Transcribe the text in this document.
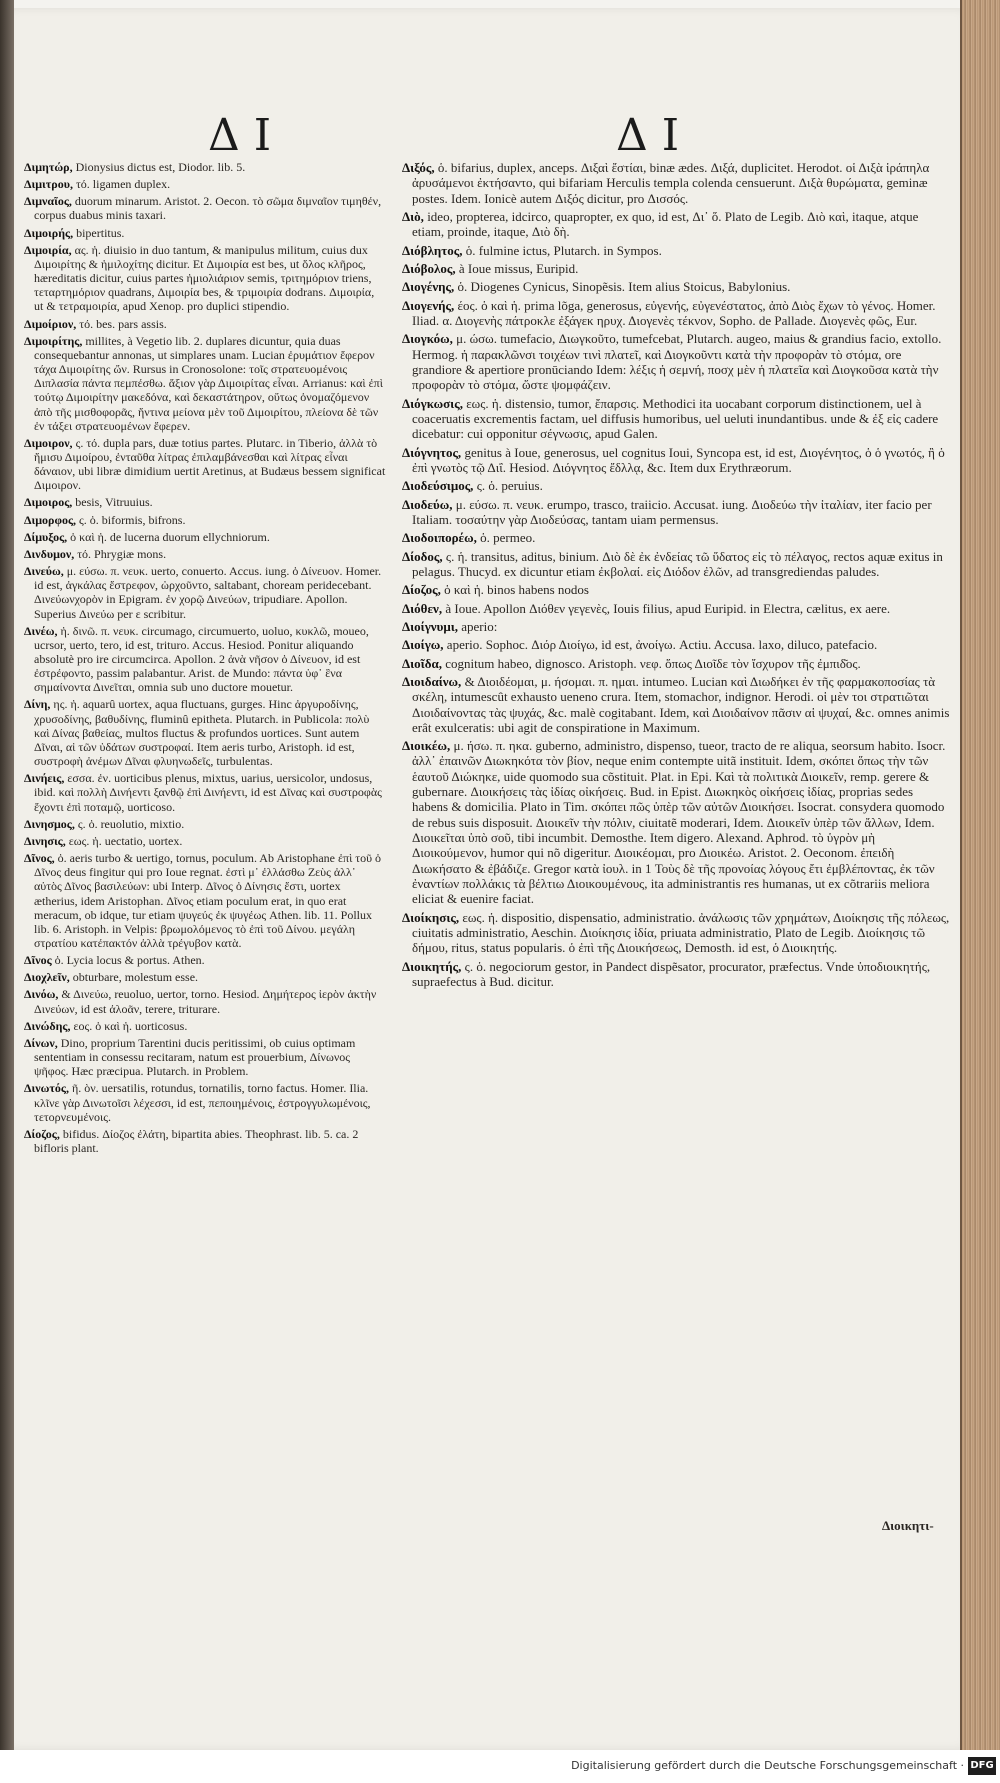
ΔΙ	ΔΙ

Διμητώρ, Dionysius dictus est, Diodor. lib. 5.

Διμιτρου, τό. ligamen duplex.

Διμναῖος, duorum minarum. Aristot. 2. Oecon. τὸ σῶμα διμναῖον τιμηθέν, corpus duabus minis taxari.

Διμοιρής, bipertitus.

Διμοιρία, ας. ἡ. diuisio in duo tantum, & manipulus militum, cuius dux Διμοιρίτης & ἡμιλοχίτης dicitur. Et Διμοιρία est bes, ut ὅλος κλῆρος, hæreditatis dicitur, cuius partes ἡμιολιάριον semis, τριτημόριον triens, τεταρτημόριον quadrans, Διμοιρία bes, & τριμοιρία dodrans. Διμοιρία, ut & τετραμοιρία, apud Xenop. pro duplici stipendio.

Διμοίριον, τό. bes. pars assis.

Διμοιρίτης, millites, à Vegetio lib. 2. duplares dicuntur, quia duas consequebantur annonas, ut simplares unam. Lucian ἐρυμάτιον ἔφερον τάχα Διμοιρίτης ὤν. Rursus in Cronosolone: τοῖς στρατευομένοις Διπλασία πάντα πεμπέσθω. ἄξιον γὰρ Διμοιρίτας εἶναι. Arrianus: καὶ ἐπὶ τούτῳ Διμοιρίτην μακεδόνα, καὶ δεκαστάτηρον, οὕτως ὀνομαζόμενον ἀπὸ τῆς μισθοφορᾶς, ἥντινα μείονα μὲν τοῦ Διμοιρίτου, πλείονα δὲ τῶν ἐν τάξει στρατευομένων ἔφερεν.

Διμοιρον, ς. τό. dupla pars, duæ totius partes. Plutarc. in Tiberio, ἀλλὰ τὸ ἥμισυ Διμοίρου, ἐνταῦθα λίτρας ἐπιλαμβάνεσθαι καὶ λίτρας εἶναι δάναιον, ubi libræ dimidium uertit Aretinus, at Budæus bessem significat Διμοιρον.

Διμοιρος, besis, Vitruuius.

Διμορφος, ς. ὁ. biformis, bifrons.

Δίμυξος, ὁ καὶ ἡ. de lucerna duorum ellychniorum.

Δινδυμον, τό. Phrygiæ mons.

Δινεύω, μ. εύσω. π. νευκ. uerto, conuerto. Accus. iung. ὁ Δίνευον. Homer. id est, ἀγκάλας ἔστρεφον, ὠρχοῦντο, saltabant, choream peridecebant. Δινεύωνχορὸν in Epigram. ἐν χορῷ Δινεύων, tripudiare. Apollon. Superius Δινεύω per ε scribitur.

Δινέω, ἡ. δινῶ. π. νευκ. circumago, circumuerto, uoluo, κυκλῶ, moueo, ucrsor, uerto, tero, id est, trituro. Accus. Hesiod. Ponitur aliquando absolutè pro ire circumcirca. Apollon. 2 ἀνὰ νῆσον ὁ Δίνευον, id est ἐστρέφοντο, passim palabantur. Arist. de Mundo: πάντα ὑφ᾽ ἓνα σημαίνοντα Δινεῖται, omnia sub uno ductore mouetur.

Δίνη, ης. ἡ. aquarû uortex, aqua fluctuans, gurges. Hinc ἀργυροδίνης, χρυσοδίνης, βαθυδίνης, fluminû epitheta. Plutarch. in Publicola: πολὺ καὶ Δίνας βαθείας, multos fluctus & profundos uortices. Sunt autem Δῖναι, αἱ τῶν ὑδάτων συστροφαί. Item aeris turbo, Aristoph. id est, συστροφὴ ἀνέμων Δῖναι φλυηνωδεῖς, turbulentas.

Δινήεις, εσσα. ἐν. uorticibus plenus, mixtus, uarius, uersicolor, undosus, ibid. καὶ πολλὴ Δινήεντι ξανθῷ ἐπὶ Δινήεντι, id est Δῖνας καὶ συστροφὰς ἔχοντι ἐπὶ ποταμῷ, uorticoso.

Δινησμος, ς. ὁ. reuolutio, mixtio.

Δινησις, εως. ἡ. uectatio, uortex.

Δῖνος, ὁ. aeris turbo & uertigo, tornus, poculum. Ab Aristophane ἐπὶ τοῦ ὁ Δῖνος deus fingitur qui pro Ioue regnat. ἐστὶ μ᾽ ἐλλάσθω Ζεὺς ἀλλ᾽ αὐτὸς Δῖνος βασιλεύων: ubi Interp. Δῖνος ὁ Δίνησις ἔστι, uortex ætherius, idem Aristophan. Δῖνος etiam poculum erat, in quo erat meracum, ob idque, tur etiam ψυγεύς ἐκ ψυγέως Athen. lib. 11. Pollux lib. 6. Aristoph. in Velpis: βρωμολόμενος τὸ ἐπὶ τοῦ Δίνου. μεγάλη στρατίου κατέπακτόν ἀλλὰ τρέγυβον κατὰ.

Δῖνος ὁ. Lycia locus & portus. Athen.

Διοχλεῖν, obturbare, molestum esse.

Δινόω, & Δινεύω, reuoluo, uertor, torno. Hesiod. Δημήτερος ἱερὸν ἀκτὴν Δινεύων, id est ἀλοᾶν, terere, triturare.

Δινώδης, εος. ὁ καὶ ἡ. uorticosus.

Δίνων, Dino, proprium Tarentini ducis peritissimi, ob cuius optimam sententiam in consessu recitaram, natum est prouerbium, Δίνωνος ψῆφος. Hæc præcipua. Plutarch. in Problem.

Δινωτός, ῆ. ὸν. uersatilis, rotundus, tornatilis, torno factus. Homer. Ilia. κλῖνε γὰρ Δινωτοῖσι λέχεσσι, id est, πεποιημένοις, ἐστρογγυλωμένοις, τετορνευμένοις.

Δίοζος, bifidus. Δίοζος ἐλάτη, bipartita abies. Theophrast. lib. 5. ca. 2 bifloris plant.

Διξός, ὁ. bifarius, duplex, anceps. Διξαὶ ἔστίαι, binæ ædes. Διξά, duplicitet. Herodot. οἱ Διξὰ ἱράπηλα ἀρυσάμενοι ἐκτήσαντο, qui bifariam Herculis templa colenda censuerunt. Διξὰ θυρώματα, geminæ postes. Idem. Ionicè autem Διξός dicitur, pro Δισσός.

Διὸ, ideo, propterea, idcirco, quapropter, ex quo, id est, Δι᾽ ὅ. Plato de Legib. Διὸ καὶ, itaque, atque etiam, proinde, itaque, Διὸ δὴ.

Διόβλητος, ὁ. fulmine ictus, Plutarch. in Sympos.

Διόβολος, à Ioue missus, Euripid.

Διογένης, ὁ. Diogenes Cynicus, Sinopẽsis. Item alius Stoicus, Babylonius.

Διογενής, έος. ὁ καὶ ἡ. prima lõga, generosus, εὐγενής, εὐγενέστατος, ἀπὸ Διὸς ἔχων τὸ γένος. Homer. Iliad. α. Διογενὴς πάτροκλε ἐξάγεκ ηρυχ. Διογενὲς τέκνον, Sopho. de Pallade. Διογενὲς φῶς, Eur.

Διογκόω, μ. ώσω. tumefacio, Διωγκοῦτο, tumefcebat, Plutarch. augeo, maius & grandius facio, extollo. Hermog. ἡ παρακλῶνσι τοιχέων τινὶ πλατεῖ, καὶ Διογκοῦντι κατὰ τὴν προφορὰν τὸ στόμα, ore grandiore & apertiore pronūciando Idem: λέξις ἡ σεμνή, ποσχ μὲν ἡ πλατεῖα καὶ Διογκοῦσα κατὰ τὴν προφορὰν τὸ στόμα, ὥστε ψομφάζειν.

Διόγκωσις, εως. ἡ. distensio, tumor, ἔπαρσις. Methodici ita uocabant corporum distinctionem, uel à coaceruatis excrementis factam, uel diffusis humoribus, uel ueluti inundantibus. unde & ἐξ εἰς cadere dicebatur: cui opponitur σέγνωσις, apud Galen.

Διόγνητος, genitus à Ioue, generosus, uel cognitus Ioui, Syncopa est, id est, Διογένητος, ὁ ὁ γνωτός, ἢ ὁ ἐπὶ γνωτὸς τῷ Διΐ. Hesiod. Διόγνητος ἔδλλᾳ, &c. Item dux Erythræorum.

Διοδεύσιμος, ς. ὁ. peruius.

Διοδεύω, μ. εύσω. π. νευκ. erumpo, trasco, traiicio. Accusat. iung. Διοδεύω τὴν ἰταλίαν, iter facio per Italiam. τοσαύτην γὰρ Διοδεύσας, tantam uiam permensus.

Διοδοιπορέω, ὁ. permeo.

Δίοδος, ς. ἡ. transitus, aditus, binium. Διὸ δὲ ἐκ ἐνδείας τῶ ὕδατος εἰς τὸ πέλαγος, rectos aquæ exitus in pelagus. Thucyd. ex dicuntur etiam ἐκβολαί. εἰς Διόδον ἐλῶν, ad transgrediendas paludes.

Δίοζος, ὁ καὶ ἡ. binos habens nodos

Διόθεν, à Ioue. Apollon Διόθεν γεγενὲς, Iouis filius, apud Euripid. in Electra, cælitus, ex aere.

Διοίγνυμι, aperio:

Διοίγω, aperio. Sophoc. Διόρ Διοίγω, id est, ἀνοίγω. Actiu. Accusa. laxo, diluco, patefacio.

Διοῖδα, cognitum habeo, dignosco. Aristoph. νεφ. ὅπως Διοῖδε τὸν ἴσχυρον τῆς ἐμπιδ͂ος.

Διοιδαίνω, & Διοιδέομαι, μ. ήσομαι. π. ημαι. intumeo. Lucian καὶ Διωδήκει ἐν τῆς φαρμακοποσίας τὰ σκέλη, intumescût exhausto ueneno crura. Item, stomachor, indignor. Herodi. οἱ μὲν τοι στρατιῶται Διοιδαίνοντας τὰς ψυχάς, &c. malè cogitabant. Idem, καὶ Διοιδαίνον πᾶσιν αἱ ψυχαί, &c. omnes animis erât exulceratis: ubi agit de conspiratione in Maximum.

Διοικέω, μ. ήσω. π. ηκα. guberno, administro, dispenso, tueor, tracto de re aliqua, seorsum habito. Isocr. ἀλλ᾽ ἐπαινῶν Διωκηκότα τὸν βίον, neque enim contempte uitã instituit. Idem, σκόπει ὅπως τὴν τῶν ἑαυτοῦ Διώκηκε, uide quomodo sua cõstituit. Plat. in Epi. Καὶ τὰ πολιτικὰ Διοικεῖν, remp. gerere & gubernare. Διοικήσεις τὰς ἰδίας οἰκήσεις. Bud. in Epist. Διωκηκὸς οἰκήσεις ἰδίας, proprias sedes habens & domicilia. Plato in Tim. σκόπει πῶς ὑπὲρ τῶν αὐτῶν Διοικήσει. Isocrat. consydera quomodo de rebus suis disposuit. Διοικεῖν τὴν πόλιν, ciuitatẽ moderari, Idem. Διοικεῖν ὑπὲρ τῶν ἄλλων, Idem. Διοικεῖται ὑπὸ σοῦ, tibi incumbit. Demosthe. Item digero. Alexand. Aphrod. τὸ ὑγρὸν μὴ Διοικούμενον, humor qui nõ digeritur. Διοικέομαι, pro Διοικέω. Aristot. 2. Oeconom. ἐπειδὴ Διωκήσατο & ἐβάδιζε. Gregor κατὰ ἰουλ. in 1 Τοὺς δὲ τῆς προνοίας λόγους ἔτι ἐμβλέποντας, ἐκ τῶν ἐναντίων πολλάκις τὰ βέλτιω Διοικουμένους, ita administrantis res humanas, ut ex cõtrariis meliora eliciat & euenire faciat.

Διοίκησις, εως. ἡ. dispositio, dispensatio, administratio. ἀνάλωσις τῶν χρημάτων, Διοίκησις τῆς πόλεως, ciuitatis administratio, Aeschin. Διοίκησις ἰδία, priuata administratio, Plato de Legib. Διοίκησις τῶ δήμου, ritus, status popularis. ὁ ἐπὶ τῆς Διοικήσεως, Demosth. id est, ὁ Διοικητής.

Διοικητής, ς. ὁ. negociorum gestor, in Pandect dispẽsator, procurator, præfectus. Vnde ὑποδιοικητής, supraefectus à Bud. dicitur.

Διοικητι-
Digitalisierung gefördert durch die Deutsche Forschungsgemeinschaft · DFG
